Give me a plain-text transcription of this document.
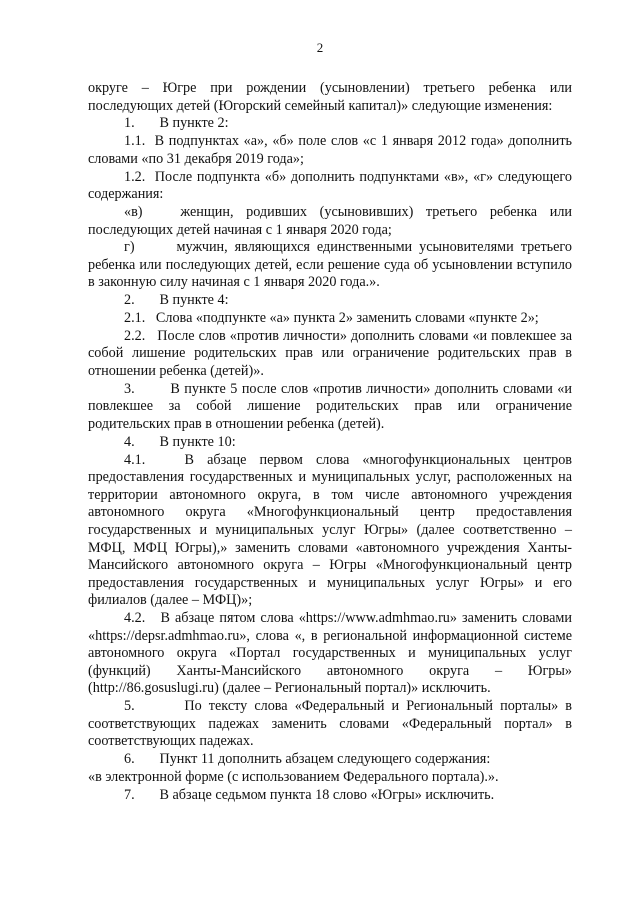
2

округе – Югре при рождении (усыновлении) третьего ребенка или последующих детей (Югорский семейный капитал)» следующие изменения:

1.       В пункте 2:

1.1.  В подпунктах «а», «б» поле слов «с 1 января 2012 года» дополнить словами «по 31 декабря 2019 года»;

1.2.  После подпункта «б» дополнить подпунктами «в», «г» следующего содержания:

«в)   женщин, родивших (усыновивших) третьего ребенка или последующих детей начиная с 1 января 2020 года;

г)      мужчин, являющихся единственными усыновителями третьего ребенка или последующих детей, если решение суда об усыновлении вступило в законную силу начиная с 1 января 2020 года.».

2.       В пункте 4:

2.1.   Слова «подпункте «а» пункта 2» заменить словами «пункте 2»;

2.2.   После слов «против личности» дополнить словами «и повлекшее за собой лишение родительских прав или ограничение родительских прав в отношении ребенка (детей)».

3.        В пункте 5 после слов «против личности» дополнить словами «и повлекшее за собой лишение родительских прав или ограничение родительских прав в отношении ребенка (детей).

4.       В пункте 10:

4.1.   В абзаце первом слова «многофункциональных центров предоставления государственных и муниципальных услуг, расположенных на территории автономного округа, в том числе автономного учреждения автономного округа «Многофункциональный центр предоставления государственных и муниципальных услуг Югры» (далее соответственно – МФЦ, МФЦ Югры),» заменить словами «автономного учреждения Ханты-Мансийского автономного округа – Югры «Многофункциональный центр предоставления государственных и муниципальных услуг Югры» и его филиалов (далее – МФЦ)»;

4.2.   В абзаце пятом слова «https://www.admhmao.ru» заменить словами «https://depsr.admhmao.ru», слова «, в региональной информационной системе автономного округа «Портал государственных и муниципальных услуг (функций) Ханты-Мансийского автономного округа – Югры» (http://86.gosuslugi.ru) (далее – Региональный портал)» исключить.

5.       По тексту слова «Федеральный и Региональный порталы» в соответствующих падежах заменить словами «Федеральный портал» в соответствующих падежах.

6.       Пункт 11 дополнить абзацем следующего содержания:

«в электронной форме (с использованием Федерального портала).».

7.       В абзаце седьмом пункта 18 слово «Югры» исключить.
